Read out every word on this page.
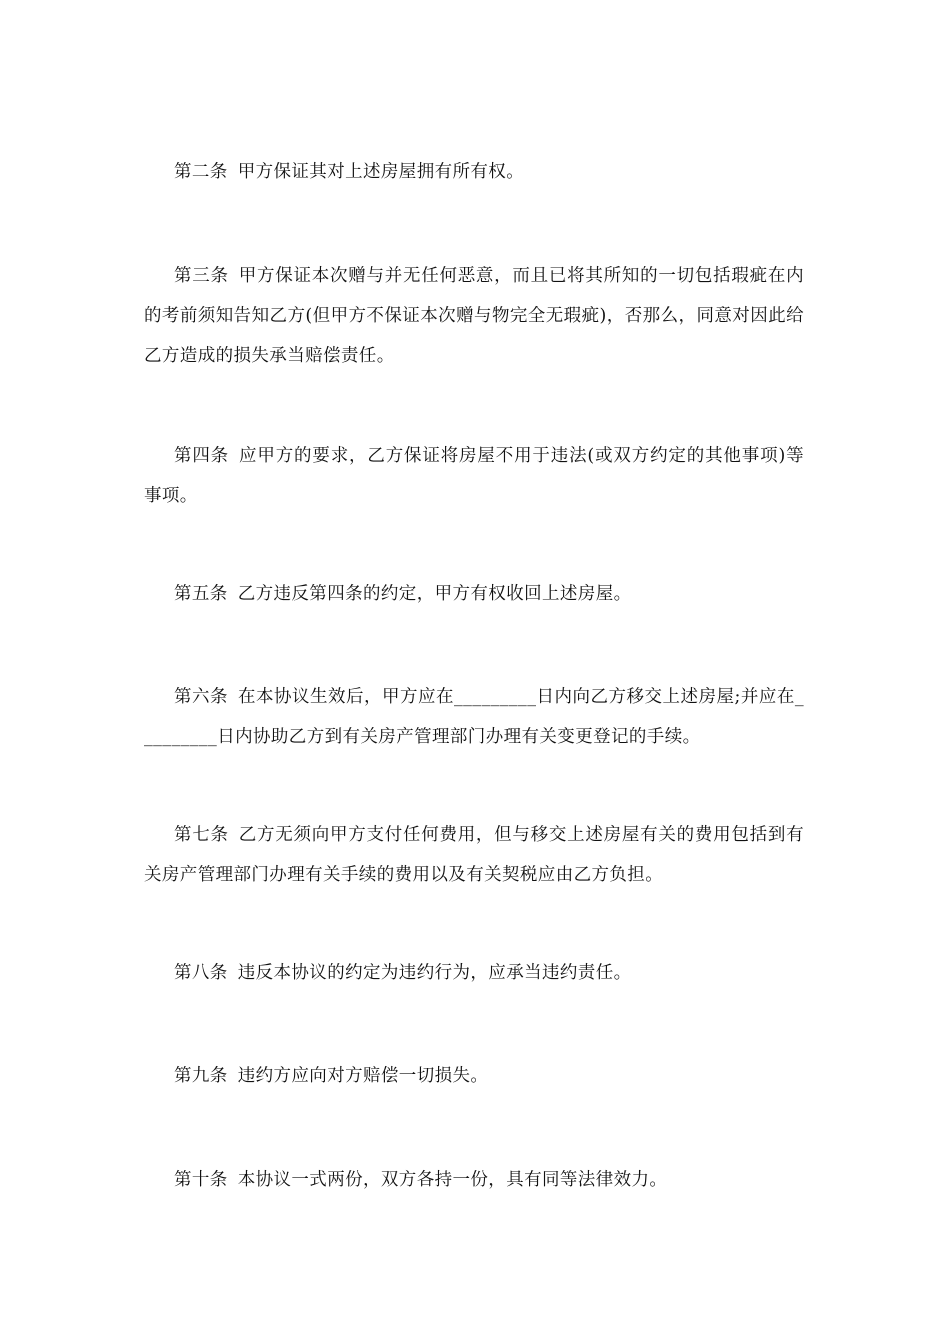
第二条 甲方保证其对上述房屋拥有所有权。

第三条 甲方保证本次赠与并无任何恶意，而且已将其所知的一切包括瑕疵在内的考前须知告知乙方(但甲方不保证本次赠与物完全无瑕疵)，否那么，同意对因此给乙方造成的损失承当赔偿责任。

第四条 应甲方的要求，乙方保证将房屋不用于违法(或双方约定的其他事项)等事项。

第五条 乙方违反第四条的约定，甲方有权收回上述房屋。

第六条 在本协议生效后，甲方应在_________日内向乙方移交上述房屋;并应在_________日内协助乙方到有关房产管理部门办理有关变更登记的手续。

第七条 乙方无须向甲方支付任何费用，但与移交上述房屋有关的费用包括到有关房产管理部门办理有关手续的费用以及有关契税应由乙方负担。

第八条 违反本协议的约定为违约行为，应承当违约责任。

第九条 违约方应向对方赔偿一切损失。

第十条 本协议一式两份，双方各持一份，具有同等法律效力。
